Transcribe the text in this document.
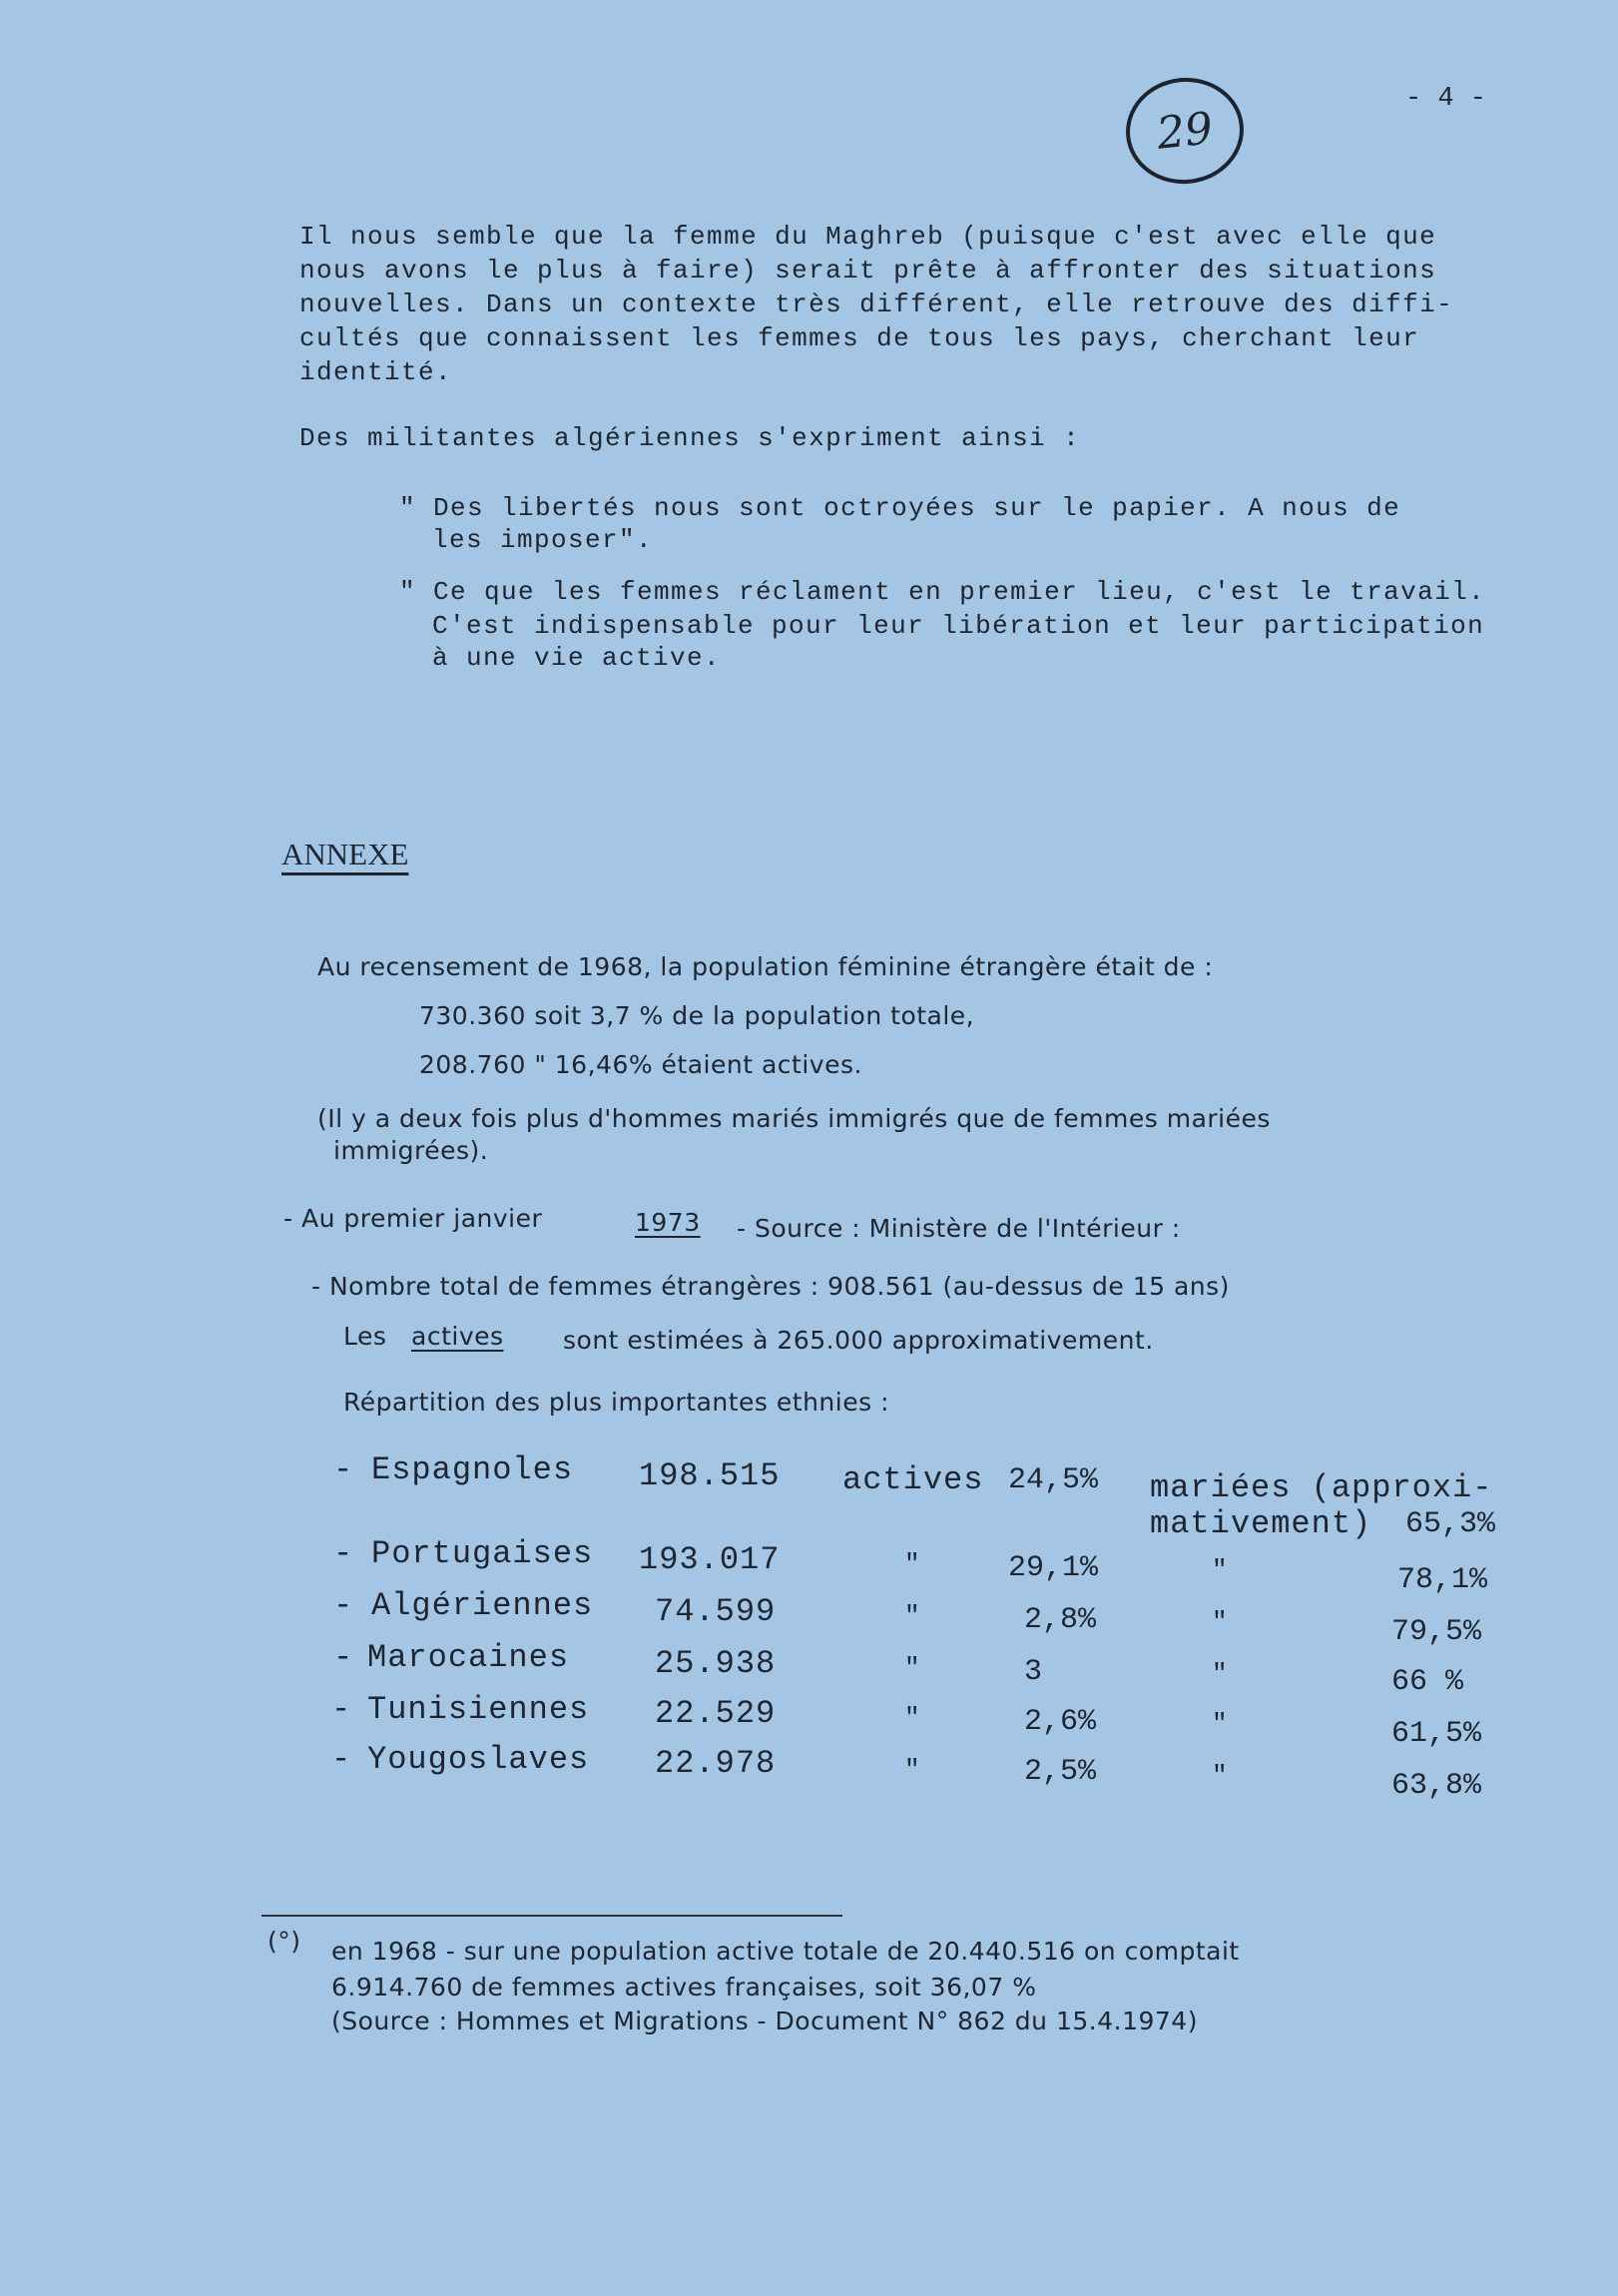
29
- 4 -
Il nous semble que la femme du Maghreb (puisque c'est avec elle que
nous avons le plus à faire) serait prête à affronter des situations
nouvelles. Dans un contexte très différent, elle retrouve des diffi-
cultés que connaissent les femmes de tous les pays, cherchant leur
identité.
Des militantes algériennes s'expriment ainsi :
" Des libertés nous sont octroyées sur le papier. A nous de
les imposer".
" Ce que les femmes réclament en premier lieu, c'est le travail.
C'est indispensable pour leur libération et leur participation
à une vie active.
ANNEXE
Au recensement de 1968, la population féminine étrangère était de :
730.360 soit 3,7 % de la population totale,
208.760 " 16,46% étaient actives.
(Il y a deux fois plus d'hommes mariés immigrés que de femmes mariées
immigrées).
- Au premier janvier	1973 - Source : Ministère de l'Intérieur :
- Nombre total de femmes étrangères : 908.561 (au-dessus de 15 ans)
Les actives sont estimées à 265.000 approximativement.
Répartition des plus importantes ethnies :
- Espagnoles 198.515 actives 24,5% mariées (approxi-
mativement) 65,3%
- Portugaises 193.017	"	29,1%	"	78,1%
- Algériennes 74.599	"	2,8%	"	79,5%
- Marocaines	25.938	"	3	"	66 %
- Tunisiennes 22.529	"	2,6%	"	61,5%
- Yougoslaves 22.978	"	2,5%	"	63,8%
(°) en 1968 - sur une population active totale de 20.440.516 on comptait
6.914.760 de femmes actives françaises, soit 36,07 %
(Source : Hommes et Migrations - Document N° 862 du 15.4.1974)
